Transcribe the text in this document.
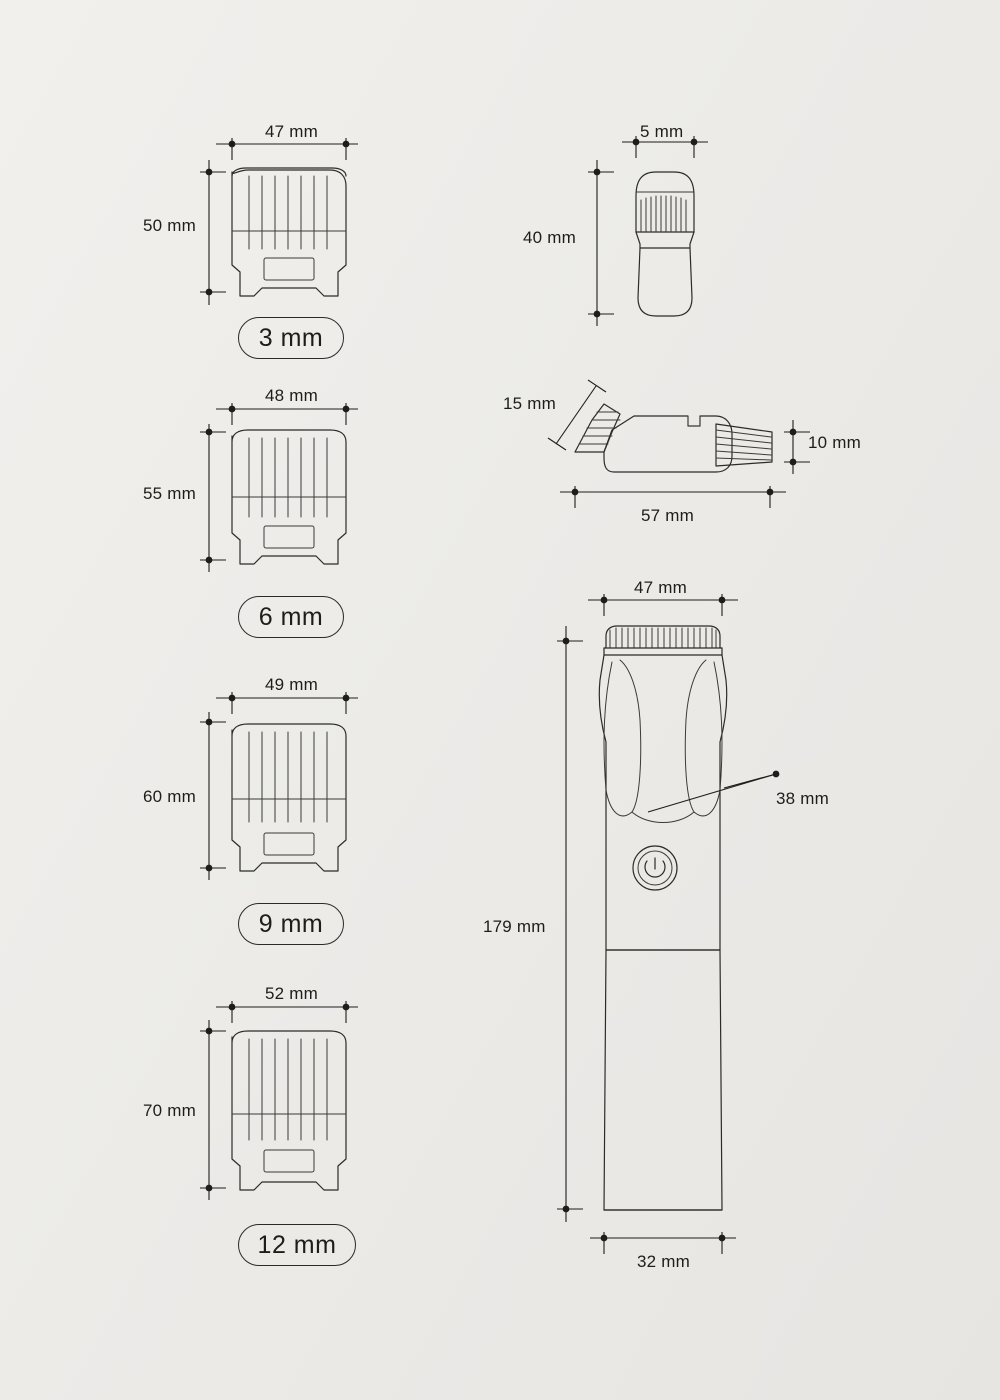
47 mm
50 mm
3 mm
48 mm
55 mm
6 mm
49 mm
60 mm
9 mm
52 mm
70 mm
12 mm
5 mm
40 mm
15 mm
10 mm
57 mm
47 mm
179 mm
38 mm
32 mm
